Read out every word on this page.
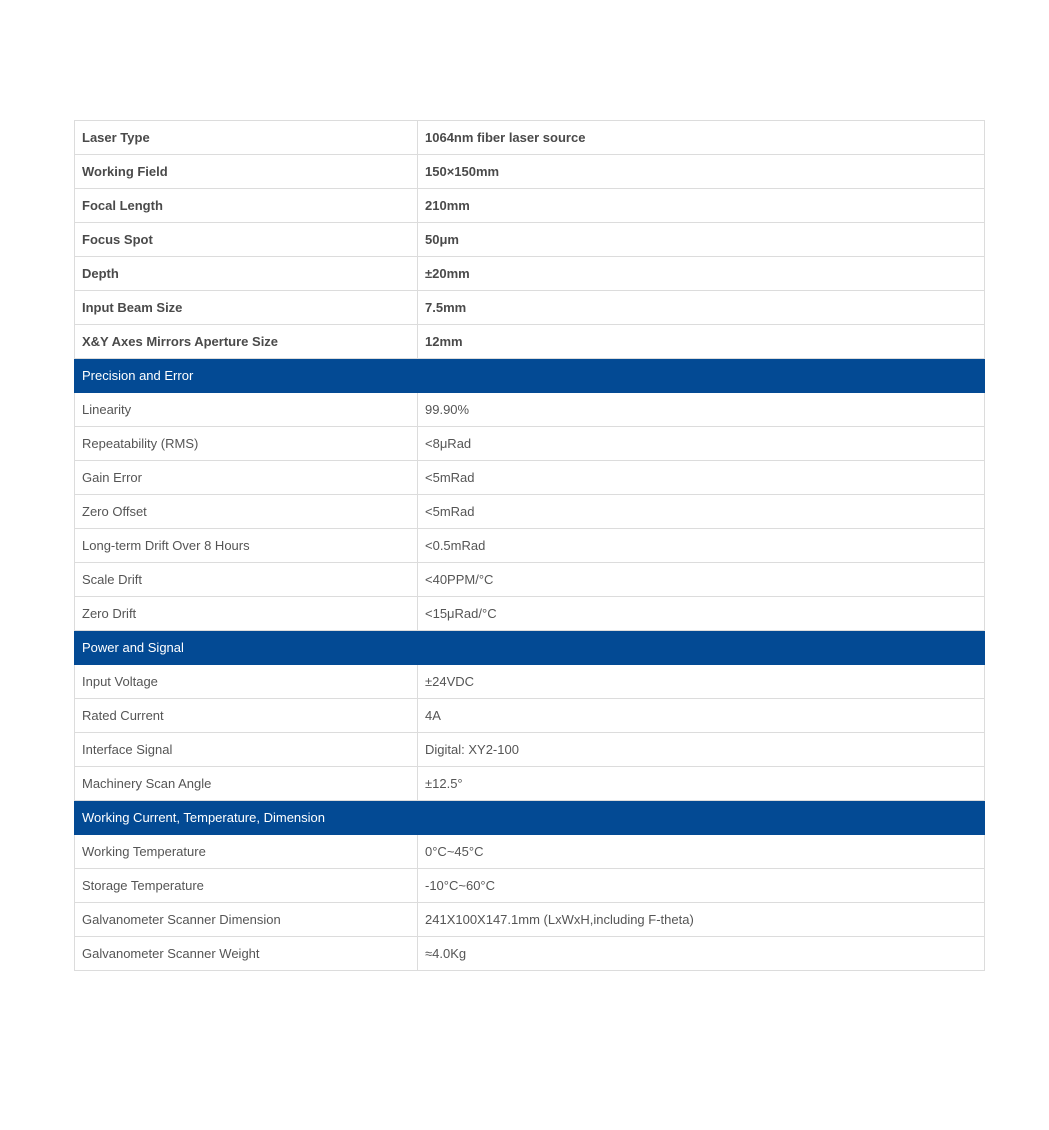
Laser Type	1064nm fiber laser source
Working Field	150×150mm
Focal Length	210mm
Focus Spot	50μm
Depth	±20mm
Input Beam Size	7.5mm
X&Y Axes Mirrors Aperture Size	12mm
Precision and Error	
Linearity	99.90%
Repeatability (RMS)	<8μRad
Gain Error	<5mRad
Zero Offset	<5mRad
Long-term Drift Over 8 Hours	<0.5mRad
Scale Drift	<40PPM/°C
Zero Drift	<15μRad/°C
Power and Signal	
Input Voltage	±24VDC
Rated Current	4A
Interface Signal	Digital: XY2-100
Machinery Scan Angle	±12.5°
Working Current, Temperature, Dimension	
Working Temperature	0°C~45°C
Storage Temperature	-10°C~60°C
Galvanometer Scanner Dimension	241X100X147.1mm (LxWxH,including F-theta)
Galvanometer Scanner Weight	≈4.0Kg
